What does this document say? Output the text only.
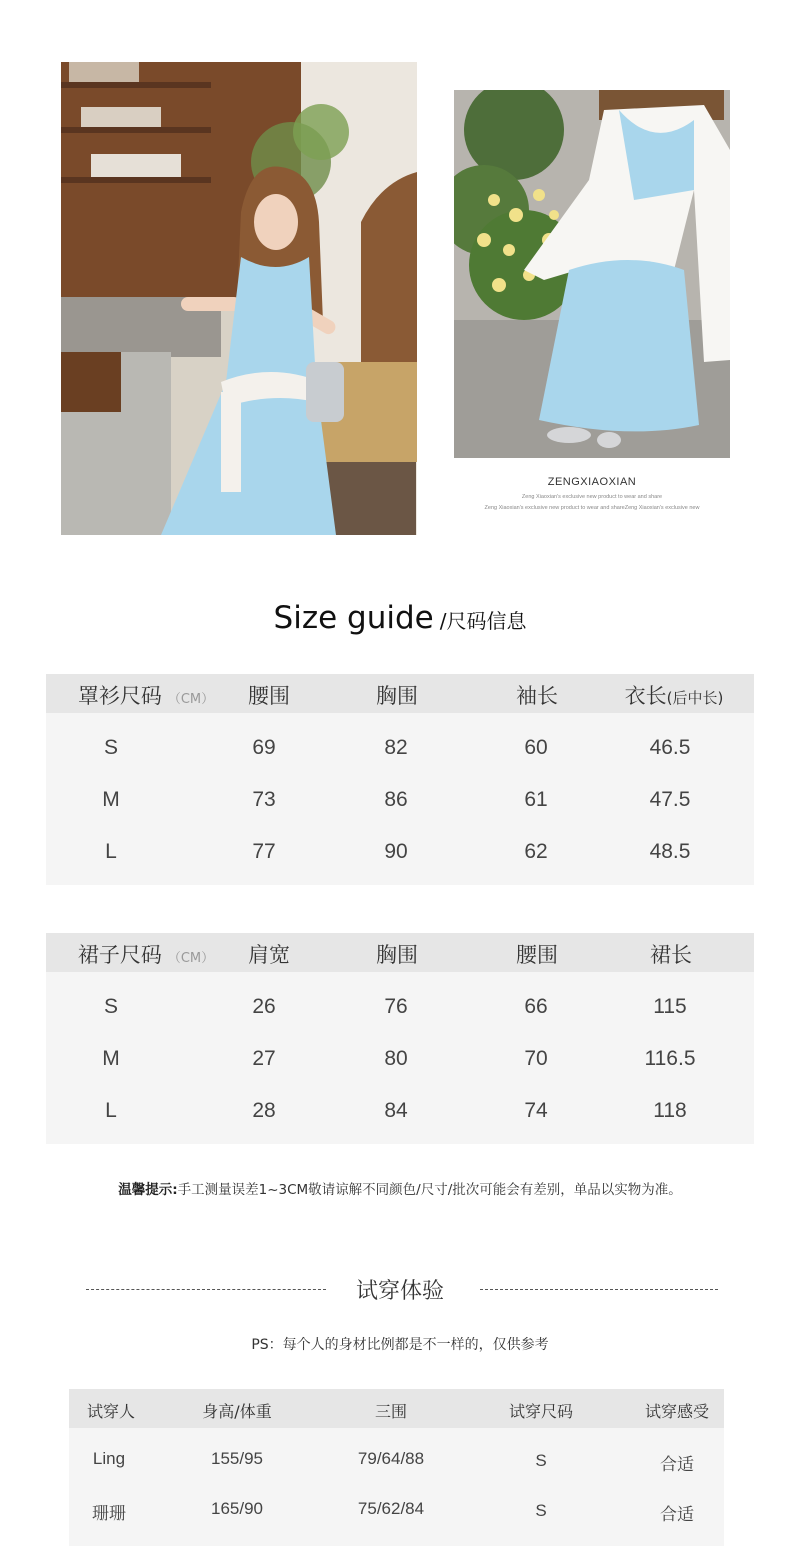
ZENGXIAOXIAN
Zeng Xiaoxian's exclusive new product to wear and share
Zeng Xiaoxian's exclusive new product to wear and shareZeng Xiaoxian's exclusive new
Size guide /尺码信息
罩衫尺码 （CM）	腰围	胸围	袖长	衣长(后中长)
S	69	82	60	46.5
M	73	86	61	47.5
L	77	90	62	48.5
裙子尺码 （CM）	肩宽	胸围	腰围	裙长
S	26	76	66	115
M	27	80	70	116.5
L	28	84	74	118
温馨提示:手工测量误差1~3CM敬请谅解不同颜色/尺寸/批次可能会有差别，单品以实物为准。
试穿体验
PS：每个人的身材比例都是不一样的，仅供参考
试穿人	身高/体重	三围	试穿尺码	试穿感受
Ling	155/95	79/64/88	S	合适
珊珊	165/90	75/62/84	S	合适
